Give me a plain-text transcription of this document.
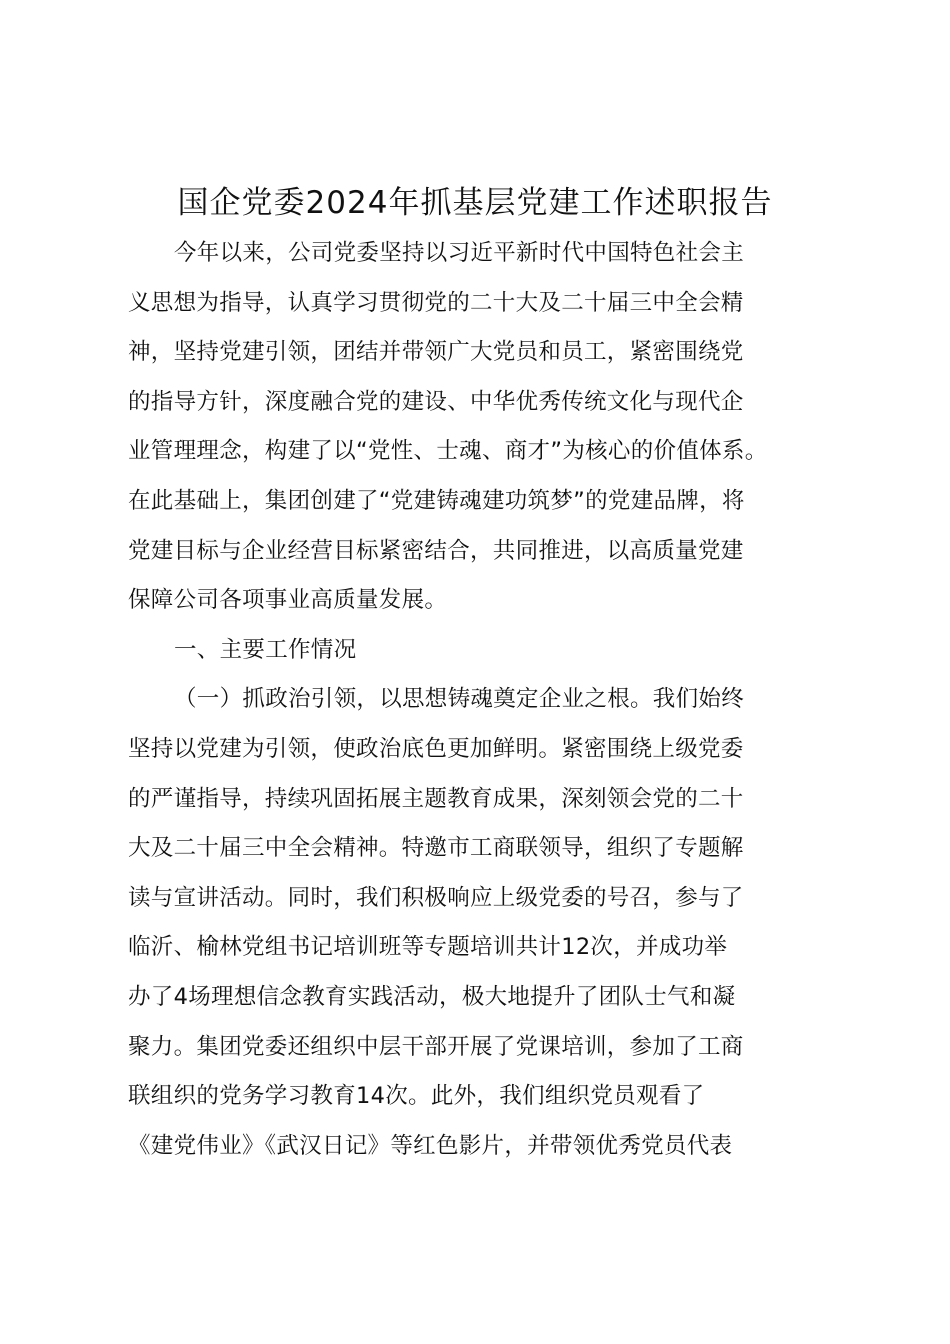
国企党委2024年抓基层党建工作述职报告
今年以来，公司党委坚持以习近平新时代中国特色社会主
义思想为指导，认真学习贯彻党的二十大及二十届三中全会精
神，坚持党建引领，团结并带领广大党员和员工，紧密围绕党
的指导方针，深度融合党的建设、中华优秀传统文化与现代企
业管理理念，构建了以“党性、士魂、商才”为核心的价值体系。
在此基础上，集团创建了“党建铸魂建功筑梦”的党建品牌，将
党建目标与企业经营目标紧密结合，共同推进，以高质量党建
保障公司各项事业高质量发展。
一、主要工作情况
（一）抓政治引领，以思想铸魂奠定企业之根。我们始终
坚持以党建为引领，使政治底色更加鲜明。紧密围绕上级党委
的严谨指导，持续巩固拓展主题教育成果，深刻领会党的二十
大及二十届三中全会精神。特邀市工商联领导，组织了专题解
读与宣讲活动。同时，我们积极响应上级党委的号召，参与了
临沂、榆林党组书记培训班等专题培训共计12次，并成功举
办了4场理想信念教育实践活动，极大地提升了团队士气和凝
聚力。集团党委还组织中层干部开展了党课培训，参加了工商
联组织的党务学习教育14次。此外，我们组织党员观看了
《建党伟业》《武汉日记》等红色影片，并带领优秀党员代表
